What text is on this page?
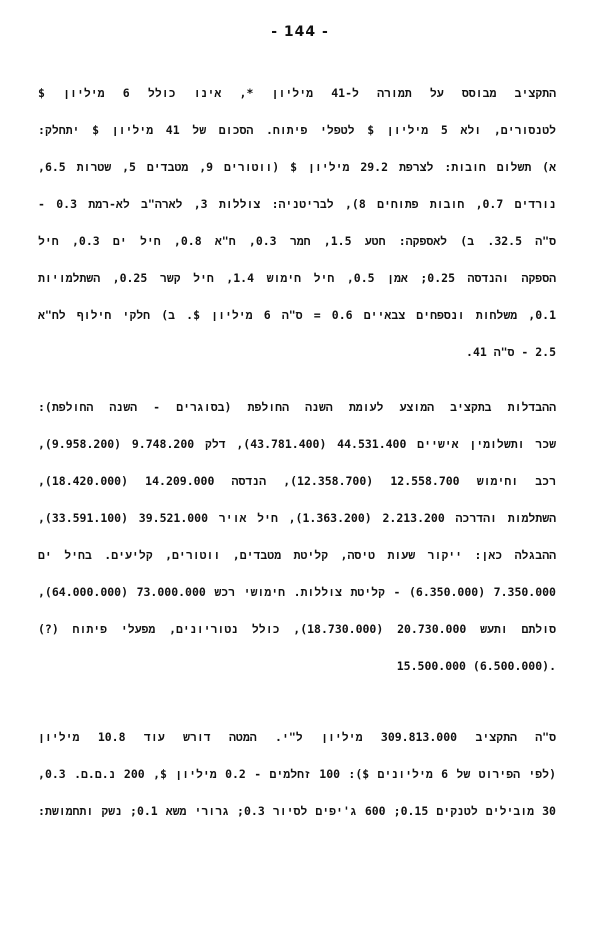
- 144 -
התקציב מבוסס על תמורה ל-41 מיליון *, אינו כולל 6 מיליון $
לטנסורים, ולא 5 מיליון $ לטפלי פיתוח. הסכום של 41 מיליון $ יתחלק:
א) תשלום חובות: לצרפת 29.2 מיליון $ (ווטורים 9, מטבדים 5, שטרות 6.5,
נורדים 0.7, חובות פתוחים 8), לבריטניה: צוללות 3, לארה"ב לא-רמת 0.3 -
ס"ה 32.5. ב) לאספקה: חטע 1.5, חמר 0.3, ח"א 0.8, חיל ים 0.3, חיל
הספקה והנדסה 0.25; אמן 0.5, חיל חימוש 1.4, חיל קשר 0.25, השתלמויות
0.1, משלחות ונספחים צבאיים 0.6 = ס"ה 6 מיליון $. ב) חלקי חילוף לח"א
2.5 - ס"ה 41.
ההבדלות בתקציב המוצע לעומת השנה החולפת (בסוגרים - השנה החולפת):
שכר ותשלומין אישיים 44.531.400 (43.781.400), דלק 9.748.200 (9.958.200),
רכב וחימוש 12.558.700 (12.358.700), הנדסה 14.209.000 (18.420.000),
השתלמות והדרכה 2.213.200 (1.363.200), חיל אויר 39.521.000 (33.591.100),
ההבגלה כאן: ייקור שעות טיסה, קליטת מטבדים, ווטורים, קליעים. בחיל ים
7.350.000 (6.350.000) - קליטת צוללות. חימושי רכש 73.000.000 (64.000.000),
סולתם ותעש 20.730.000 (18.730.000), כולל נטוריונים, מפעלי פיתוח (?)
15.500.000 (6.500.000).
ס"ה התקציב 309.813.000 מיליון ל"י. המטה דורש עוד 10.8 מיליון
(לפי הפירוט של 6 מיליונים $): 100 זחלמים - 0.2 מיליון $, 200 נ.ם.ם. 0.3,
30 מובילים לטנקים 0.15; 600 ג'יפים לסיור 0.3; גרורי משא 0.1; נשק ותחמושת:
